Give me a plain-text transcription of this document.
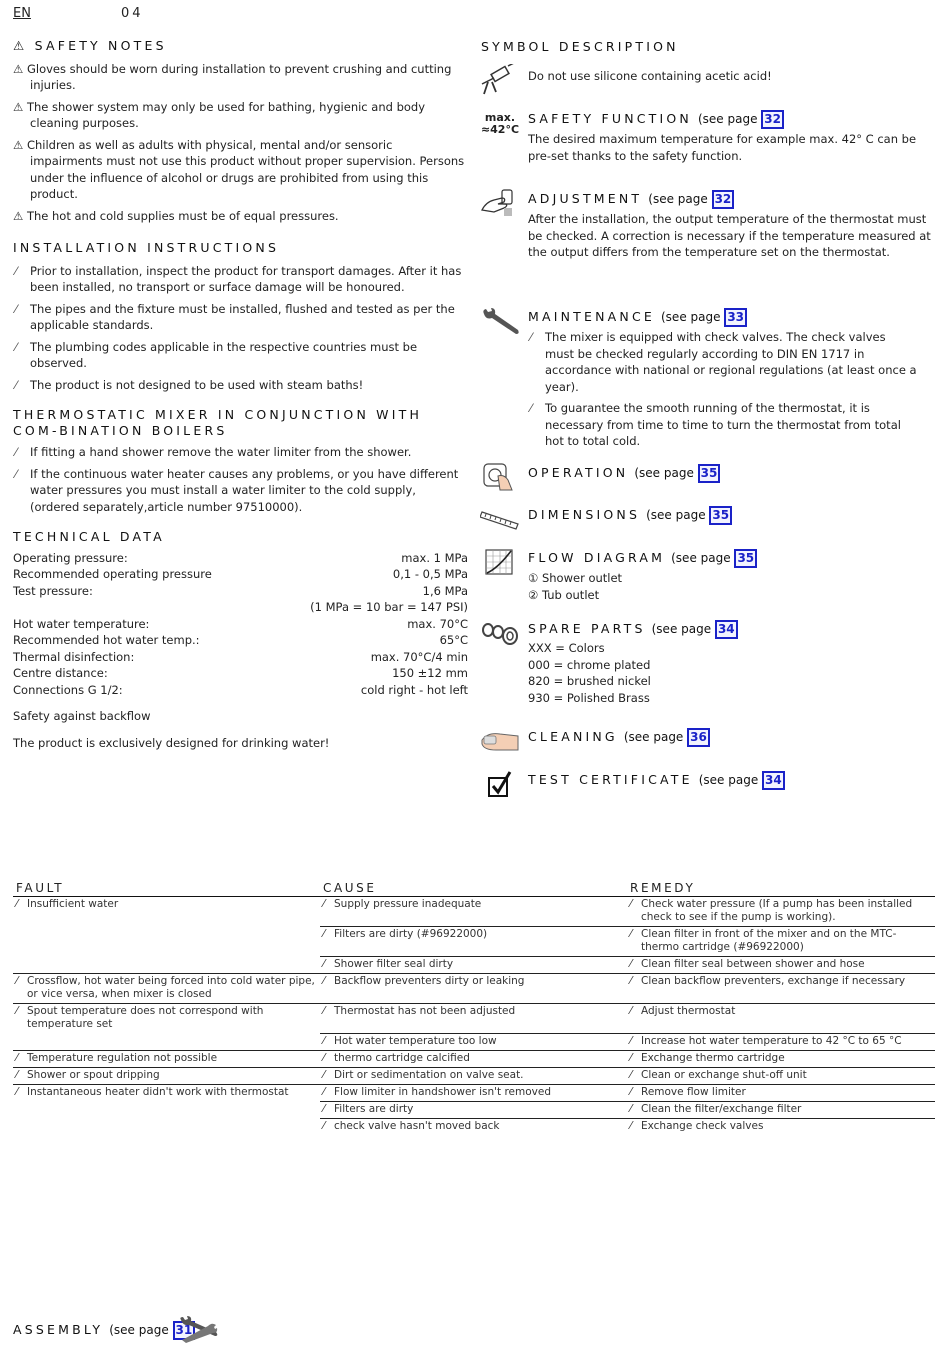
EN	04
⚠ SAFETY NOTES
⚠ Gloves should be worn during installation to prevent crushing and cutting injuries.
⚠ The shower system may only be used for bathing, hygienic and body cleaning purposes.
⚠ Children as well as adults with physical, mental and/or sensoric impairments must not use this product without proper supervision. Persons under the influence of alcohol or drugs are prohibited from using this product.
⚠ The hot and cold supplies must be of equal pressures.
INSTALLATION INSTRUCTIONS
⁄ Prior to installation, inspect the product for transport damages. After it has been installed, no transport or surface damage will be honoured.
⁄ The pipes and the fixture must be installed, flushed and tested as per the applicable standards.
⁄ The plumbing codes applicable in the respective countries must be observed.
⁄ The product is not designed to be used with steam baths!
THERMOSTATIC MIXER IN CONJUNCTION WITH COM-BINATION BOILERS
⁄ If fitting a hand shower remove the water limiter from the shower.
⁄ If the continuous water heater causes any problems, or you have different water pressures you must install a water limiter to the cold supply, (ordered separately,article number 97510000).
TECHNICAL DATA
Operating pressure:	max. 1 MPa
Recommended operating pressure	0,1 - 0,5 MPa
Test pressure:	1,6 MPa
(1 MPa = 10 bar = 147 PSI)
Hot water temperature:	max. 70°C
Recommended hot water temp.:	65°C
Thermal disinfection:	max. 70°C/4 min
Centre distance:	150 ±12 mm
Connections G 1/2:	cold right - hot left
Safety against backflow
The product is exclusively designed for drinking water!
SYMBOL DESCRIPTION
Do not use silicone containing acetic acid!
max.
≈42°C
SAFETY FUNCTION (see page 32
The desired maximum temperature for example max. 42° C can be pre-set thanks to the safety function.
ADJUSTMENT (see page 32
After the installation, the output temperature of the thermostat must be checked. A correction is necessary if the temperature measured at the output differs from the temperature set on the thermostat.
MAINTENANCE (see page 33
⁄ The mixer is equipped with check valves. The check valves must be checked regularly according to DIN EN 1717 in accordance with national or regional regulations (at least once a year).
⁄ To guarantee the smooth running of the thermostat, it is necessary from time to time to turn the thermostat from total hot to total cold.
OPERATION (see page 35
DIMENSIONS (see page 35
FLOW DIAGRAM (see page 35
① Shower outlet
② Tub outlet
SPARE PARTS (see page 34
XXX = Colors
000 = chrome plated
820 = brushed nickel
930 = Polished Brass
CLEANING (see page 36
TEST CERTIFICATE (see page 34
FAULT	CAUSE	REMEDY
⁄ Insufficient water	⁄ Supply pressure inadequate	⁄ Check water pressure (If a pump has been installed check to see if the pump is working).
	⁄ Filters are dirty (#96922000)	⁄ Clean filter in front of the mixer and on the MTC-thermo cartridge (#96922000)
	⁄ Shower filter seal dirty	⁄ Clean filter seal between shower and hose
⁄ Crossflow, hot water being forced into cold water pipe, or vice versa, when mixer is closed	⁄ Backflow preventers dirty or leaking	⁄ Clean backflow preventers, exchange if necessary
⁄ Spout temperature does not correspond with temperature set	⁄ Thermostat has not been adjusted	⁄ Adjust thermostat
	⁄ Hot water temperature too low	⁄ Increase hot water temperature to 42 °C to 65 °C
⁄ Temperature regulation not possible	⁄ thermo cartridge calcified	⁄ Exchange thermo cartridge
⁄ Shower or spout dripping	⁄ Dirt or sedimentation on valve seat.	⁄ Clean or exchange shut-off unit
⁄ Instantaneous heater didn't work with thermostat	⁄ Flow limiter in handshower isn't removed	⁄ Remove flow limiter
	⁄ Filters are dirty	⁄ Clean the filter/exchange filter
	⁄ check valve hasn't moved back	⁄ Exchange check valves
ASSEMBLY (see page 31
